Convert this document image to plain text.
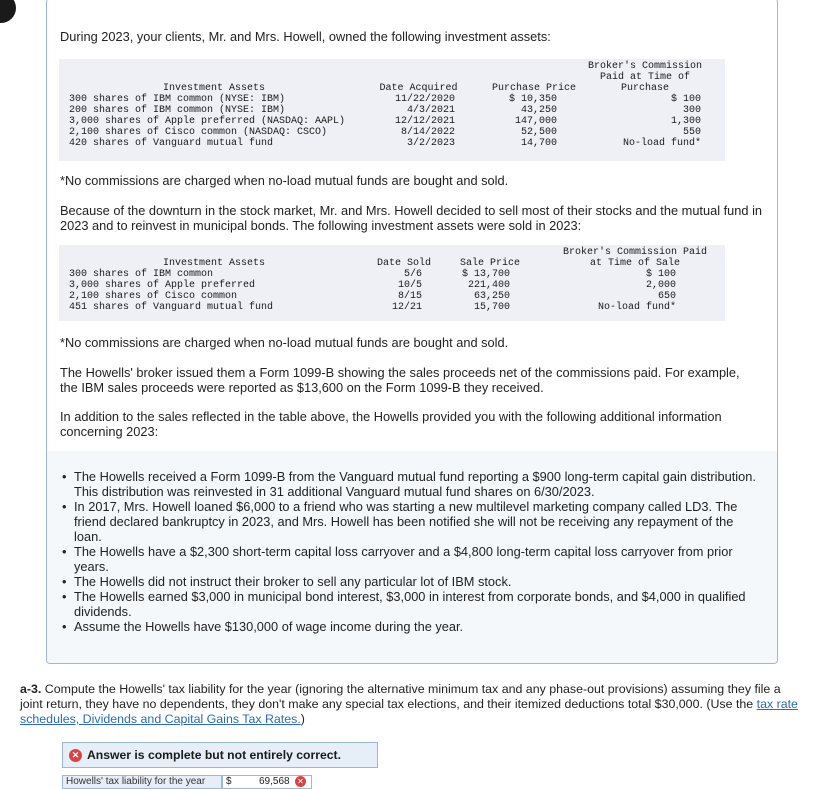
During 2023, your clients, Mr. and Mrs. Howell, owned the following investment assets:

Broker's Commission
Paid at Time of
Purchase
Investment Assets	Date Acquired	Purchase Price
300 shares of IBM common (NYSE: IBM)	11/22/2020	$ 10,350	$ 100
200 shares of IBM common (NYSE: IBM)	4/3/2021	43,250	300
3,000 shares of Apple preferred (NASDAQ: AAPL)	12/12/2021	147,000	1,300
2,100 shares of Cisco common (NASDAQ: CSCO)	8/14/2022	52,500	550
420 shares of Vanguard mutual fund	3/2/2023	14,700	No-load fund*

*No commissions are charged when no-load mutual funds are bought and sold.

Because of the downturn in the stock market, Mr. and Mrs. Howell decided to sell most of their stocks and the mutual fund in 2023 and to reinvest in municipal bonds. The following investment assets were sold in 2023:

Broker's Commission Paid
at Time of Sale
Investment Assets	Date Sold	Sale Price
300 shares of IBM common	5/6	$ 13,700	$ 100
3,000 shares of Apple preferred	10/5	221,400	2,000
2,100 shares of Cisco common	8/15	63,250	650
451 shares of Vanguard mutual fund	12/21	15,700	No-load fund*

*No commissions are charged when no-load mutual funds are bought and sold.

The Howells' broker issued them a Form 1099-B showing the sales proceeds net of the commissions paid. For example, the IBM sales proceeds were reported as $13,600 on the Form 1099-B they received.

In addition to the sales reflected in the table above, the Howells provided you with the following additional information concerning 2023:

• The Howells received a Form 1099-B from the Vanguard mutual fund reporting a $900 long-term capital gain distribution. This distribution was reinvested in 31 additional Vanguard mutual fund shares on 6/30/2023.
• In 2017, Mrs. Howell loaned $6,000 to a friend who was starting a new multilevel marketing company called LD3. The friend declared bankruptcy in 2023, and Mrs. Howell has been notified she will not be receiving any repayment of the loan.
• The Howells have a $2,300 short-term capital loss carryover and a $4,800 long-term capital loss carryover from prior years.
• The Howells did not instruct their broker to sell any particular lot of IBM stock.
• The Howells earned $3,000 in municipal bond interest, $3,000 in interest from corporate bonds, and $4,000 in qualified dividends.
• Assume the Howells have $130,000 of wage income during the year.

a-3. Compute the Howells' tax liability for the year (ignoring the alternative minimum tax and any phase-out provisions) assuming they file a joint return, they have no dependents, they don't make any special tax elections, and their itemized deductions total $30,000. (Use the tax rate schedules, Dividends and Capital Gains Tax Rates.)

✕ Answer is complete but not entirely correct.
Howells' tax liability for the year	$	69,568 ✕
